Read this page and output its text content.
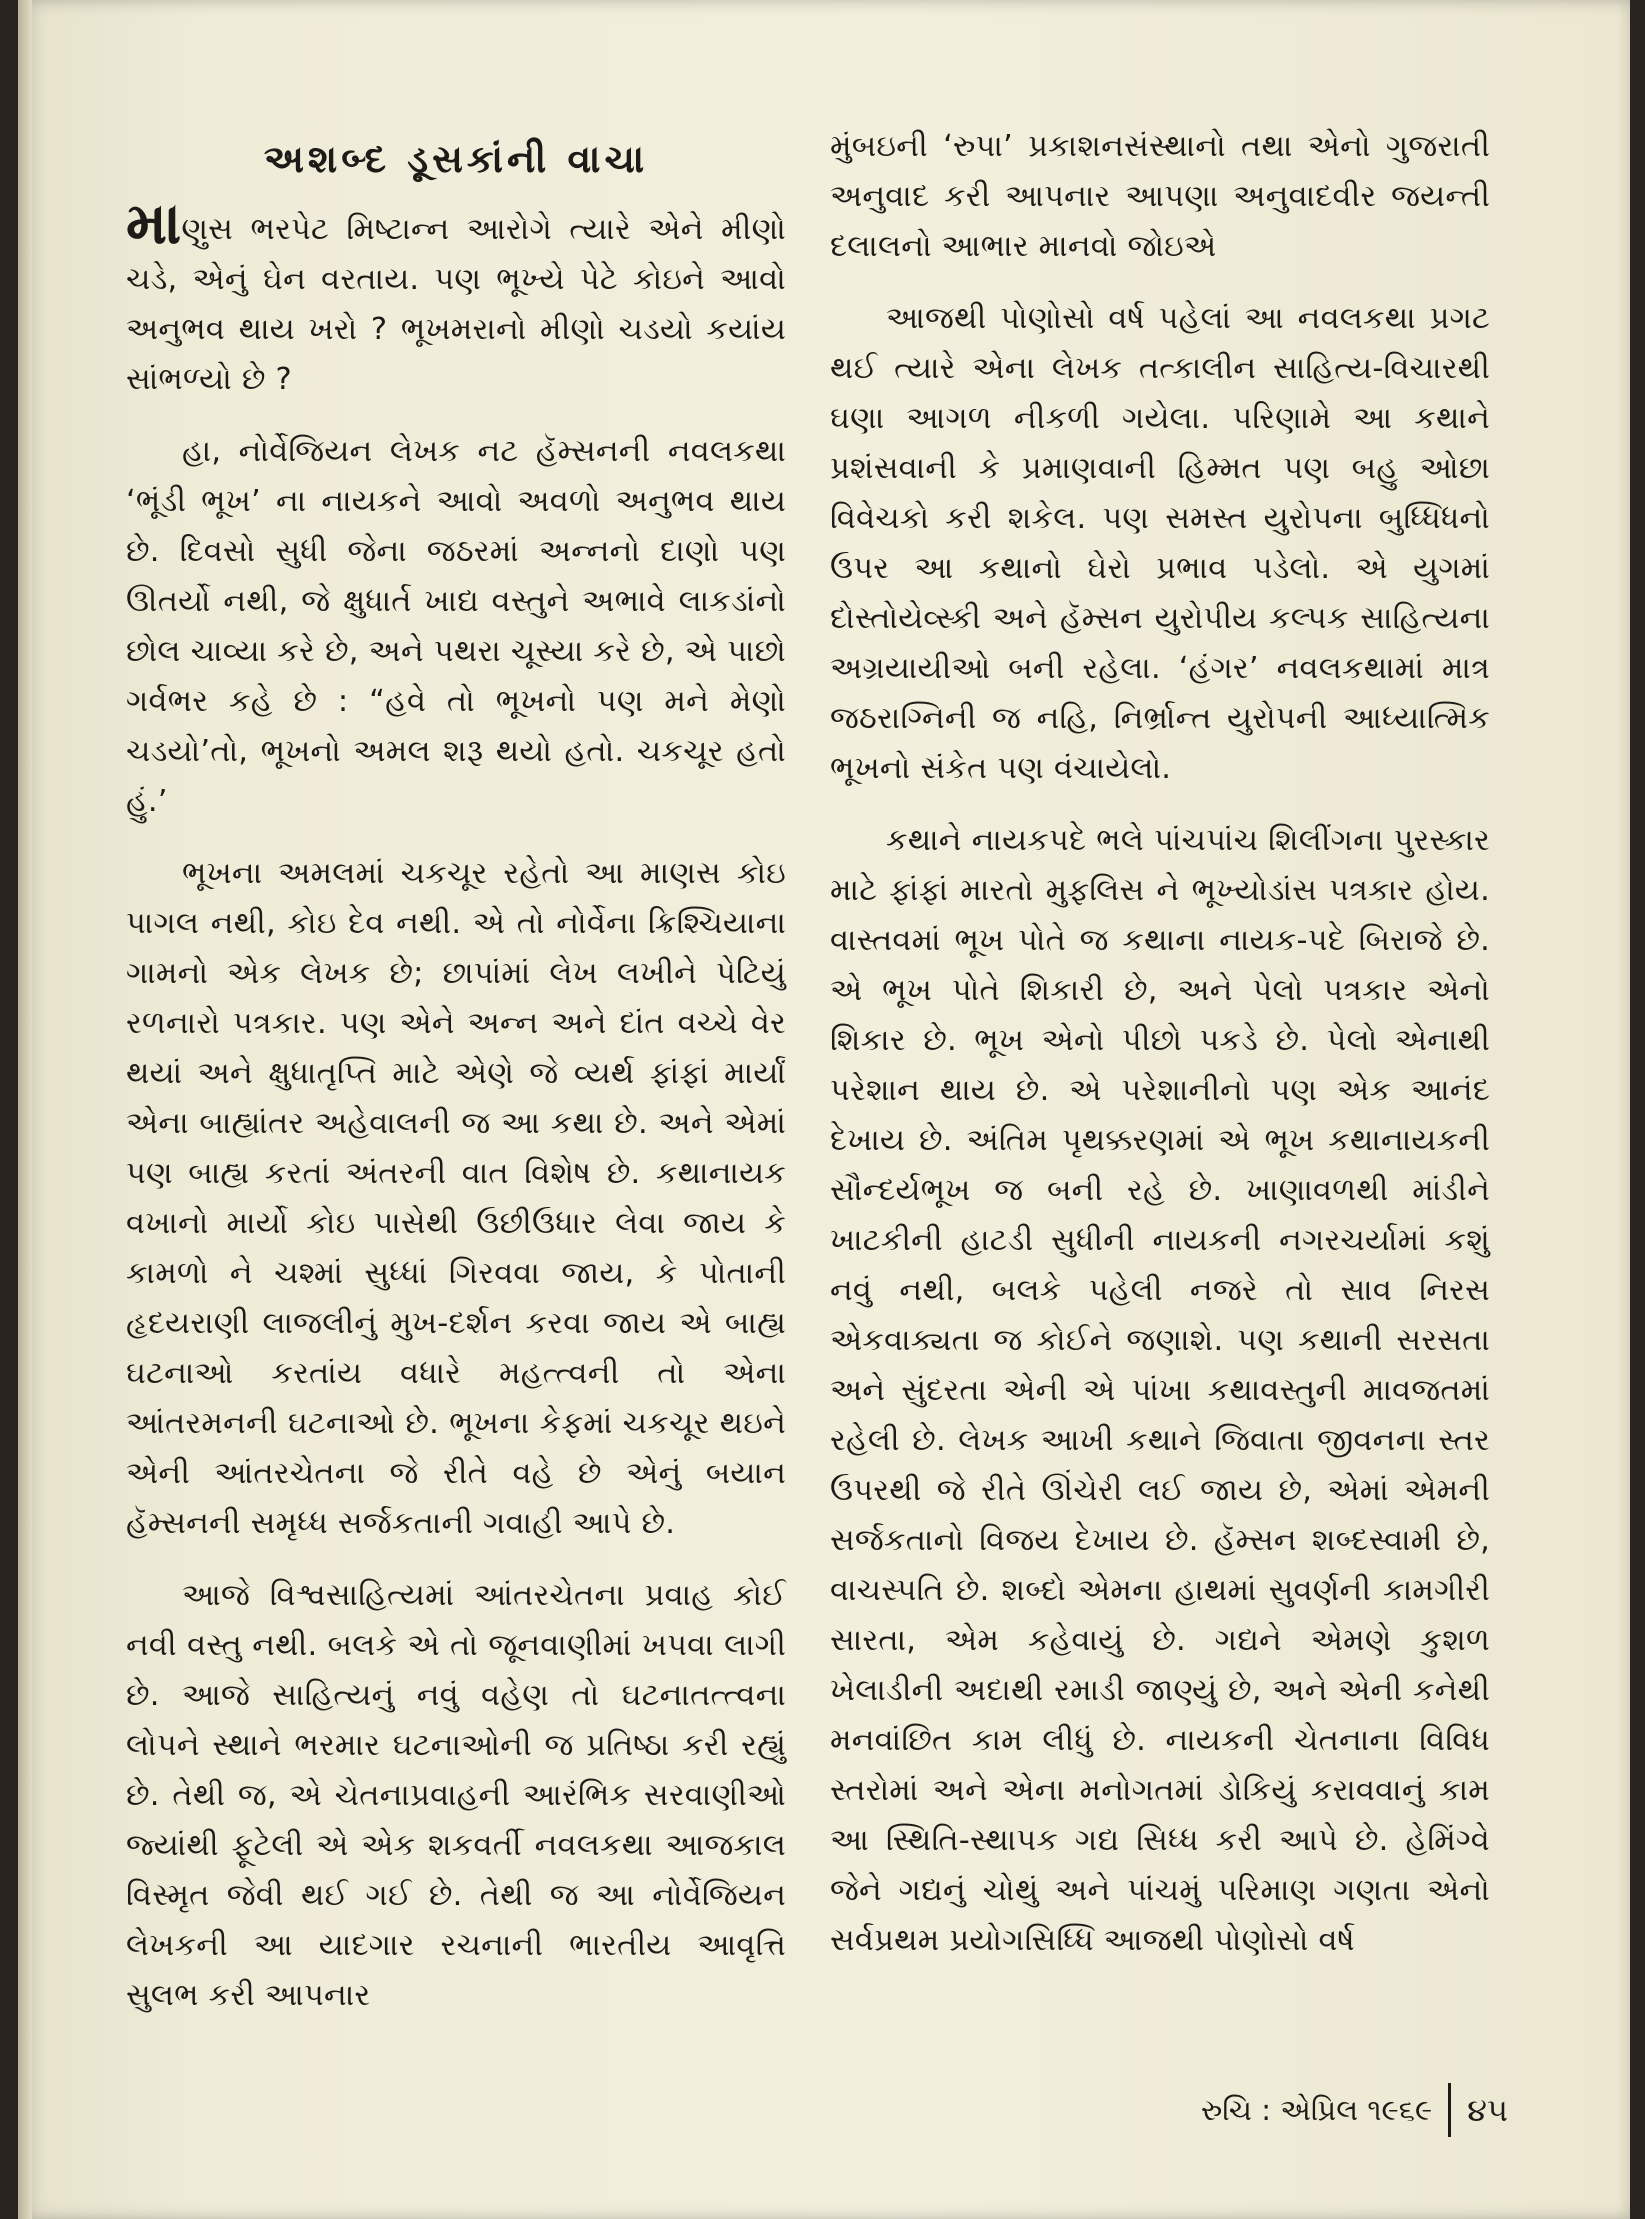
અશબ્દ ડૂસકાંની વાચા

માણુસ ભરપેટ મિષ્ટાન્ન આરોગે ત્યારે એને મીણો ચડે, એનું ઘેન વરતાય. પણ ભૂખ્યે પેટે કોઇને આવો અનુભવ થાય ખરો ? ભૂખમરાનો મીણો ચડયો કયાંય સાંભળ્યો છે ?

હા, નોર્વેજિયન લેખક નટ હૅમ્સનની નવલકથા ‘ભૂંડી ભૂખ’ ના નાયકને આવો અવળો અનુભવ થાય છે. દિવસો સુધી જેના જઠરમાં અન્નનો દાણો પણ ઊતર્યો નથી, જે ક્ષુધાર્ત ખાદ્ય વસ્તુને અભાવે લાકડાંનો છોલ ચાવ્યા કરે છે, અને પથરા ચૂસ્યા કરે છે, એ પાછો ગર્વભર કહે છે : “હવે તો ભૂખનો પણ મને મેણો ચડયો’તો, ભૂખનો અમલ શરૂ થયો હતો. ચકચૂર હતો હું.’

ભૂખના અમલમાં ચકચૂર રહેતો આ માણસ કોઇ પાગલ નથી, કોઇ દેવ નથી. એ તો નોર્વેના ક્રિશ્ચિયાના ગામનો એક લેખક છે; છાપાંમાં લેખ લખીને પેટિયું રળનારો પત્રકાર. પણ એને અન્ન અને દાંત વચ્ચે વેર થયાં અને ક્ષુધાતૃપ્તિ માટે એણે જે વ્યર્થ ફાંફાં માર્યાં એના બાહ્યાંતર અહેવાલની જ આ કથા છે. અને એમાં પણ બાહ્ય કરતાં અંતરની વાત વિશેષ છે. કથાનાયક વખાનો માર્યો કોઇ પાસેથી ઉછીઉધાર લેવા જાય કે કામળો ને ચશ્માં સુધ્ધાં ગિરવવા જાય, કે પોતાની હૃદયરાણી લાજલીનું મુખ-દર્શન કરવા જાય એ બાહ્ય ઘટનાઓ કરતાંય વધારે મહત્ત્વની તો એના આંતરમનની ઘટનાઓ છે. ભૂખના કેફમાં ચકચૂર થઇને એની આંતરચેતના જે રીતે વહે છે એનું બયાન હૅમ્સનની સમૃધ્ધ સર્જકતાની ગવાહી આપે છે.

આજે વિશ્વસાહિત્યમાં આંતરચેતના પ્રવાહ કોઈ નવી વસ્તુ નથી. બલકે એ તો જૂનવાણીમાં ખપવા લાગી છે. આજે સાહિત્યનું નવું વહેણ તો ઘટનાતત્ત્વના લોપને સ્થાને ભરમાર ઘટનાઓની જ પ્રતિષ્ઠા કરી રહ્યું છે. તેથી જ, એ ચેતનાપ્રવાહની આરંભિક સરવાણીઓ જ્યાંથી ફૂટેલી એ એક શકવર્તી નવલકથા આજકાલ વિસ્મૃત જેવી થઈ ગઈ છે. તેથી જ આ નોર્વેજિયન લેખકની આ યાદગાર રચનાની ભારતીય આવૃત્તિ સુલભ કરી આપનાર

મુંબઇની ‘રુપા’ પ્રકાશનસંસ્થાનો તથા એનો ગુજરાતી અનુવાદ કરી આપનાર આપણા અનુવાદવીર જયન્તી દલાલનો આભાર માનવો જોઇએ

આજથી પોણોસો વર્ષ પહેલાં આ નવલકથા પ્રગટ થઈ ત્યારે એના લેખક તત્કાલીન સાહિત્ય-વિચારથી ઘણા આગળ નીકળી ગયેલા. પરિણામે આ કથાને પ્રશંસવાની કે પ્રમાણવાની હિમ્મત પણ બહુ ઓછા વિવેચકો કરી શકેલ. પણ સમસ્ત યુરોપના બુધ્ધિધનો ઉપર આ કથાનો ઘેરો પ્રભાવ પડેલો. એ યુગમાં દોસ્તોયેવ્સ્કી અને હૅમ્સન યુરોપીય કલ્પક સાહિત્યના અગ્રયાયીઓ બની રહેલા. ‘હંગર’ નવલકથામાં માત્ર જઠરાગ્નિની જ નહિ, નિર્ભ્રાન્ત યુરોપની આધ્યાત્મિક ભૂખનો સંકેત પણ વંચાયેલો.

કથાને નાયકપદે ભલે પાંચપાંચ શિલીંગના પુરસ્કાર માટે ફાંફાં મારતો મુફલિસ ને ભૂખ્યોડાંસ પત્રકાર હોય. વાસ્તવમાં ભૂખ પોતે જ કથાના નાયક-પદે બિરાજે છે. એ ભૂખ પોતે શિકારી છે, અને પેલો પત્રકાર એનો શિકાર છે. ભૂખ એનો પીછો પકડે છે. પેલો એનાથી પરેશાન થાય છે. એ પરેશાનીનો પણ એક આનંદ દેખાય છે. અંતિમ પૃથક્કરણમાં એ ભૂખ કથાનાયકની સૌન્દર્યભૂખ જ બની રહે છે. ખાણાવળથી માંડીને ખાટકીની હાટડી સુધીની નાયકની નગરચર્યામાં કશું નવું નથી, બલકે પહેલી નજરે તો સાવ નિરસ એકવાક્યતા જ કોઈને જણાશે. પણ કથાની સરસતા અને સુંદરતા એની એ પાંખા કથાવસ્તુની માવજતમાં રહેલી છે. લેખક આખી કથાને જિવાતા જીવનના સ્તર ઉપરથી જે રીતે ઊંચેરી લઈ જાય છે, એમાં એમની સર્જકતાનો વિજય દેખાય છે. હૅમ્સન શબ્દસ્વામી છે, વાચસ્પતિ છે. શબ્દો એમના હાથમાં સુવર્ણની કામગીરી સારતા, એમ કહેવાયું છે. ગદ્યને એમણે કુશળ ખેલાડીની અદાથી રમાડી જાણ્યું છે, અને એની કનેથી મનવાંછિત કામ લીધું છે. નાયકની ચેતનાના વિવિધ સ્તરોમાં અને એના મનોગતમાં ડોકિયું કરાવવાનું કામ આ સ્થિતિ-સ્થાપક ગદ્ય સિધ્ધ કરી આપે છે. હેમિંગ્વે જેને ગદ્યનું ચોથું અને પાંચમું પરિમાણ ગણતા એનો સર્વપ્રથમ પ્રયોગસિધ્ધિ આજથી પોણોસો વર્ષ

રુચિ : એપ્રિલ ૧૯૬૯	૪૫
